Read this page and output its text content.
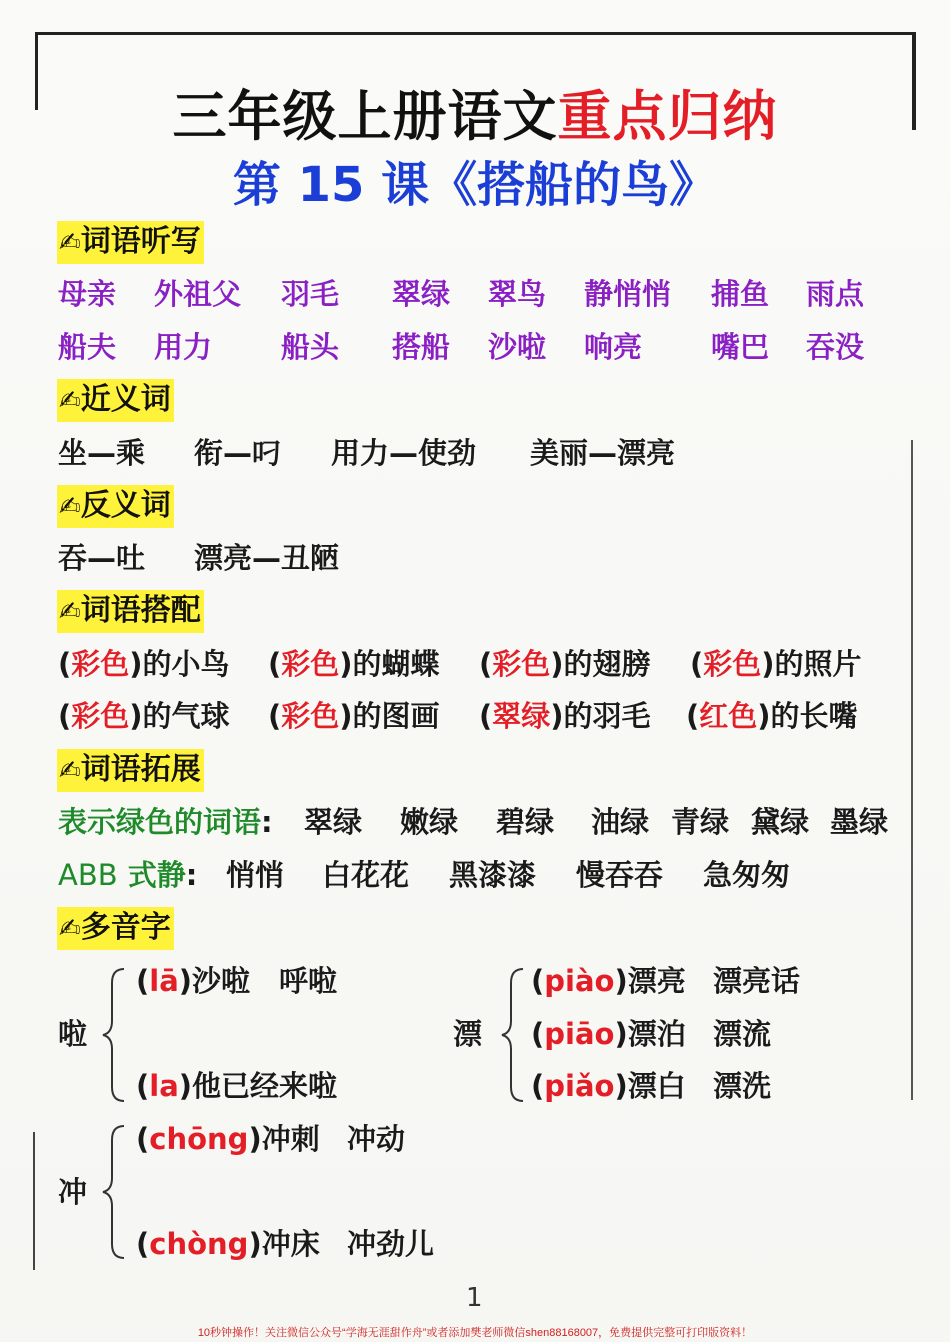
三年级上册语文重点归纳
第 15 课《搭船的鸟》
✍词语听写
母亲 外祖父 羽毛 翠绿 翠鸟 静悄悄 捕鱼 雨点
船夫 用力 船头 搭船 沙啦 响亮 嘴巴 吞没
✍近义词
坐—乘 衔—叼 用力—使劲 美丽—漂亮
✍反义词
吞—吐 漂亮—丑陋
✍词语搭配
(彩色)的小鸟 (彩色)的蝴蝶 (彩色)的翅膀 (彩色)的照片
(彩色)的气球 (彩色)的图画 (翠绿)的羽毛 (红色)的长嘴
✍词语拓展
表示绿色的词语: 翠绿 嫩绿 碧绿 油绿 青绿 黛绿 墨绿
ABB 式静: 悄悄 白花花 黑漆漆 慢吞吞 急匆匆
✍多音字
啦
(lā)沙啦 呼啦
(la)他已经来啦
漂
(piào)漂亮 漂亮话
(piāo)漂泊 漂流
(piǎo)漂白 漂洗
冲
(chōng)冲刺 冲动
(chòng)冲床 冲劲儿
1
10秒钟操作！关注微信公众号“学海无涯甜作舟”或者添加樊老师微信shen88168007，免费提供完整可打印版资料！
